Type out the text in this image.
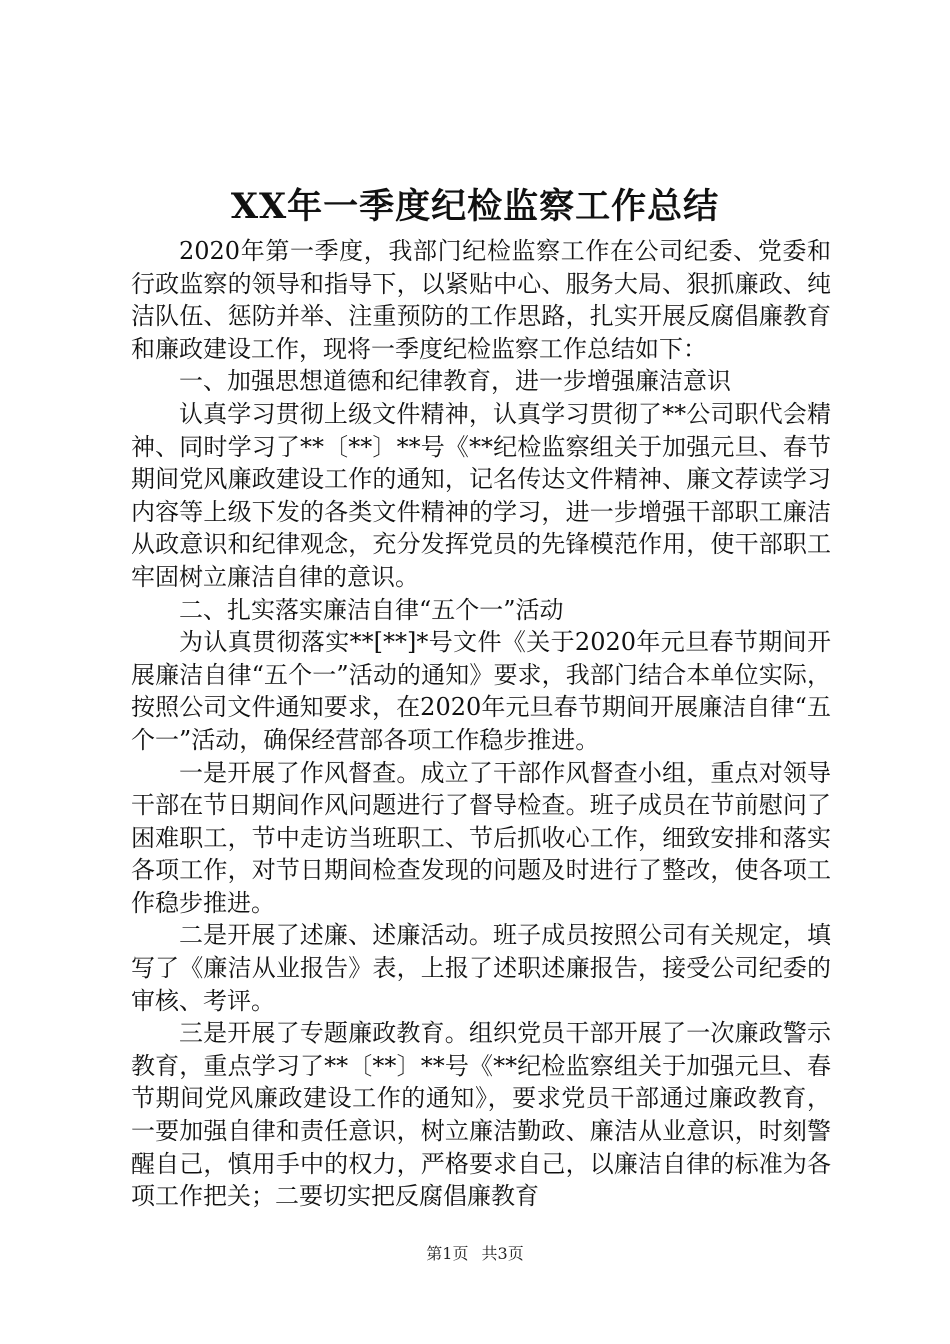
XX年一季度纪检监察工作总结

2020年第一季度，我部门纪检监察工作在公司纪委、党委和行政监察的领导和指导下，以紧贴中心、服务大局、狠抓廉政、纯洁队伍、惩防并举、注重预防的工作思路，扎实开展反腐倡廉教育和廉政建设工作，现将一季度纪检监察工作总结如下：

一、加强思想道德和纪律教育，进一步增强廉洁意识

认真学习贯彻上级文件精神，认真学习贯彻了**公司职代会精神、同时学习了**〔**〕**号《**纪检监察组关于加强元旦、春节期间党风廉政建设工作的通知，记名传达文件精神、廉文荐读学习内容等上级下发的各类文件精神的学习，进一步增强干部职工廉洁从政意识和纪律观念，充分发挥党员的先锋模范作用，使干部职工牢固树立廉洁自律的意识。

二、扎实落实廉洁自律“五个一”活动

为认真贯彻落实**[**]*号文件《关于2020年元旦春节期间开展廉洁自律“五个一”活动的通知》要求，我部门结合本单位实际，按照公司文件通知要求，在2020年元旦春节期间开展廉洁自律“五个一”活动，确保经营部各项工作稳步推进。

一是开展了作风督查。成立了干部作风督查小组，重点对领导干部在节日期间作风问题进行了督导检查。班子成员在节前慰问了困难职工，节中走访当班职工、节后抓收心工作，细致安排和落实各项工作，对节日期间检查发现的问题及时进行了整改，使各项工作稳步推进。

二是开展了述廉、述廉活动。班子成员按照公司有关规定，填写了《廉洁从业报告》表，上报了述职述廉报告，接受公司纪委的审核、考评。

三是开展了专题廉政教育。组织党员干部开展了一次廉政警示教育，重点学习了**〔**〕**号《**纪检监察组关于加强元旦、春节期间党风廉政建设工作的通知》，要求党员干部通过廉政教育，一要加强自律和责任意识，树立廉洁勤政、廉洁从业意识，时刻警醒自己，慎用手中的权力，严格要求自己，以廉洁自律的标准为各项工作把关；二要切实把反腐倡廉教育

第1页 共3页
